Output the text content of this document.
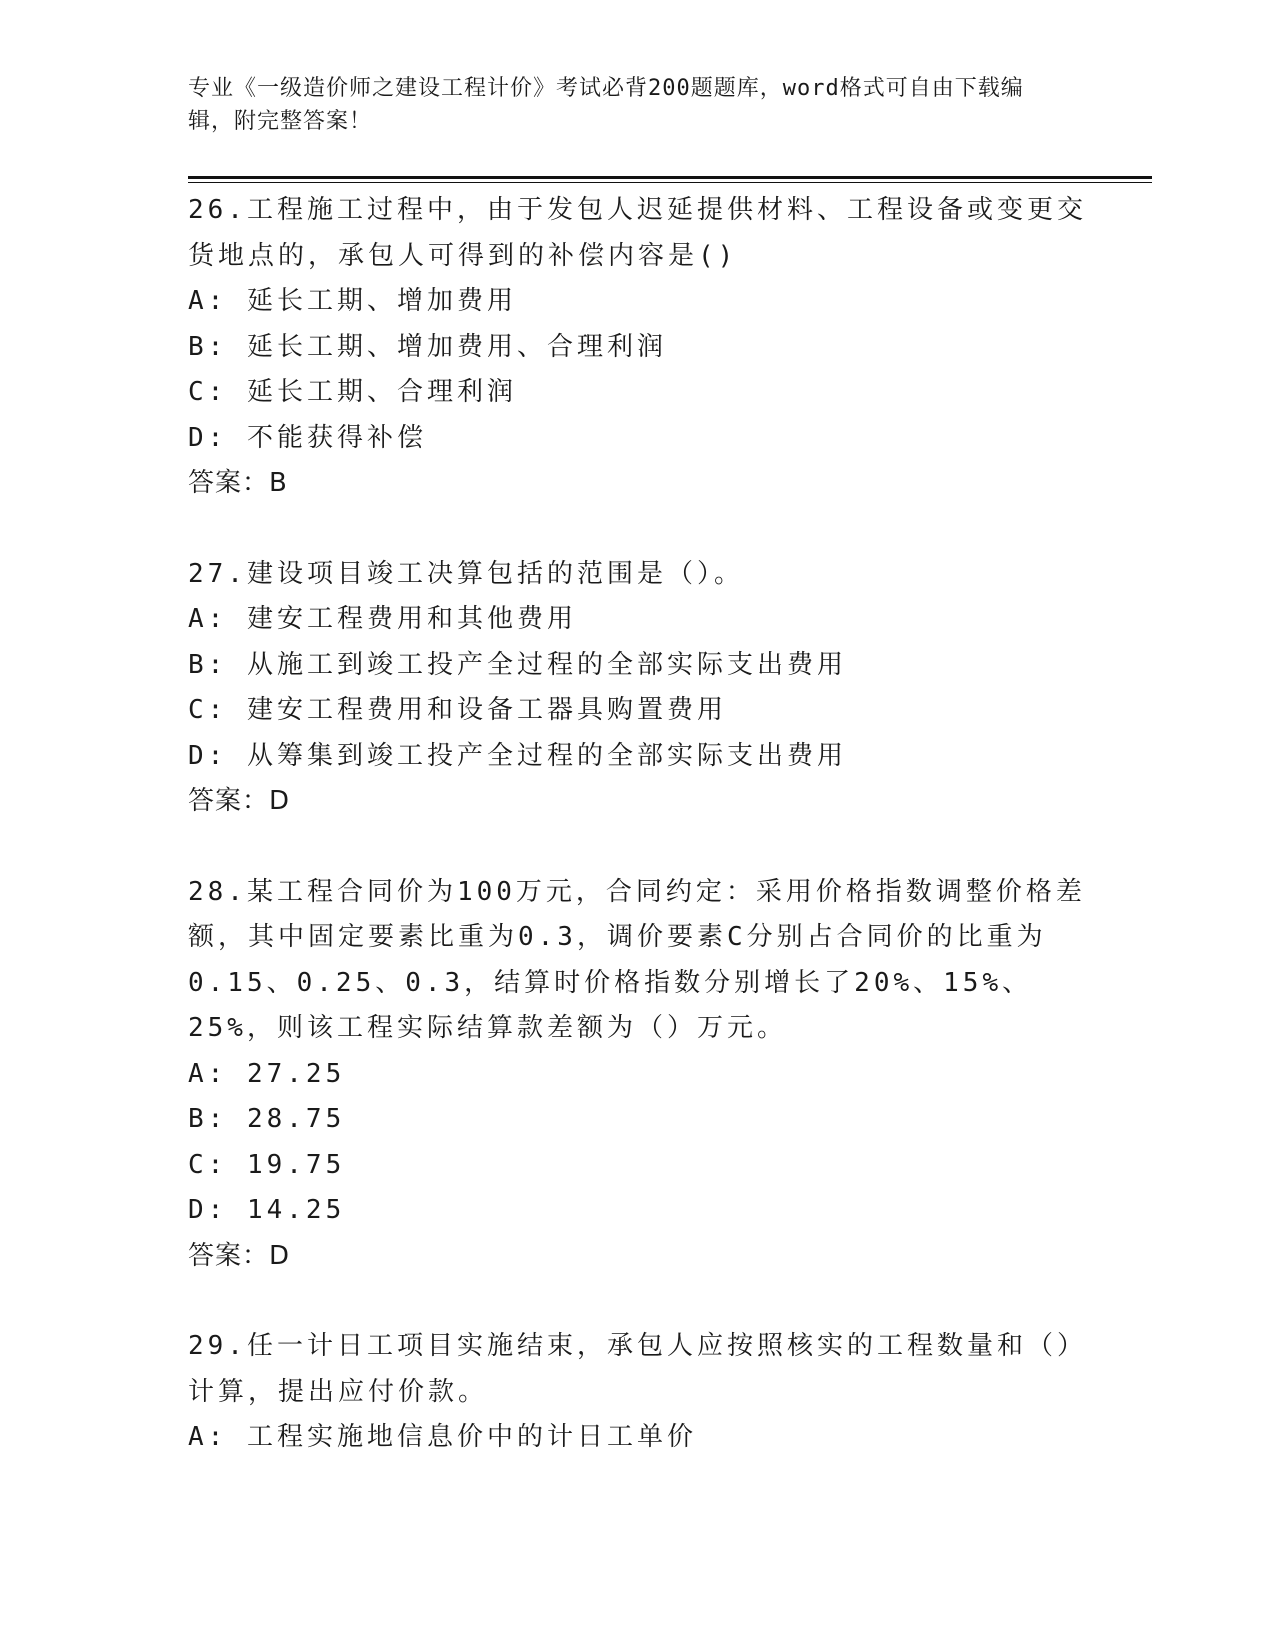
专业《一级造价师之建设工程计价》考试必背200题题库，word格式可自由下载编辑，附完整答案！
26.工程施工过程中，由于发包人迟延提供材料、工程设备或变更交货地点的，承包人可得到的补偿内容是()
A: 延长工期、增加费用
B: 延长工期、增加费用、合理利润
C: 延长工期、合理利润
D: 不能获得补偿
答案：B
27.建设项目竣工决算包括的范围是（）。
A: 建安工程费用和其他费用
B: 从施工到竣工投产全过程的全部实际支出费用
C: 建安工程费用和设备工器具购置费用
D: 从筹集到竣工投产全过程的全部实际支出费用
答案：D
28.某工程合同价为100万元，合同约定：采用价格指数调整价格差额，其中固定要素比重为0.3，调价要素C分别占合同价的比重为0.15、0.25、0.3，结算时价格指数分别增长了20%、15%、25%，则该工程实际结算款差额为（）万元。
A: 27.25
B: 28.75
C: 19.75
D: 14.25
答案：D
29.任一计日工项目实施结束，承包人应按照核实的工程数量和（）计算，提出应付价款。
A: 工程实施地信息价中的计日工单价
